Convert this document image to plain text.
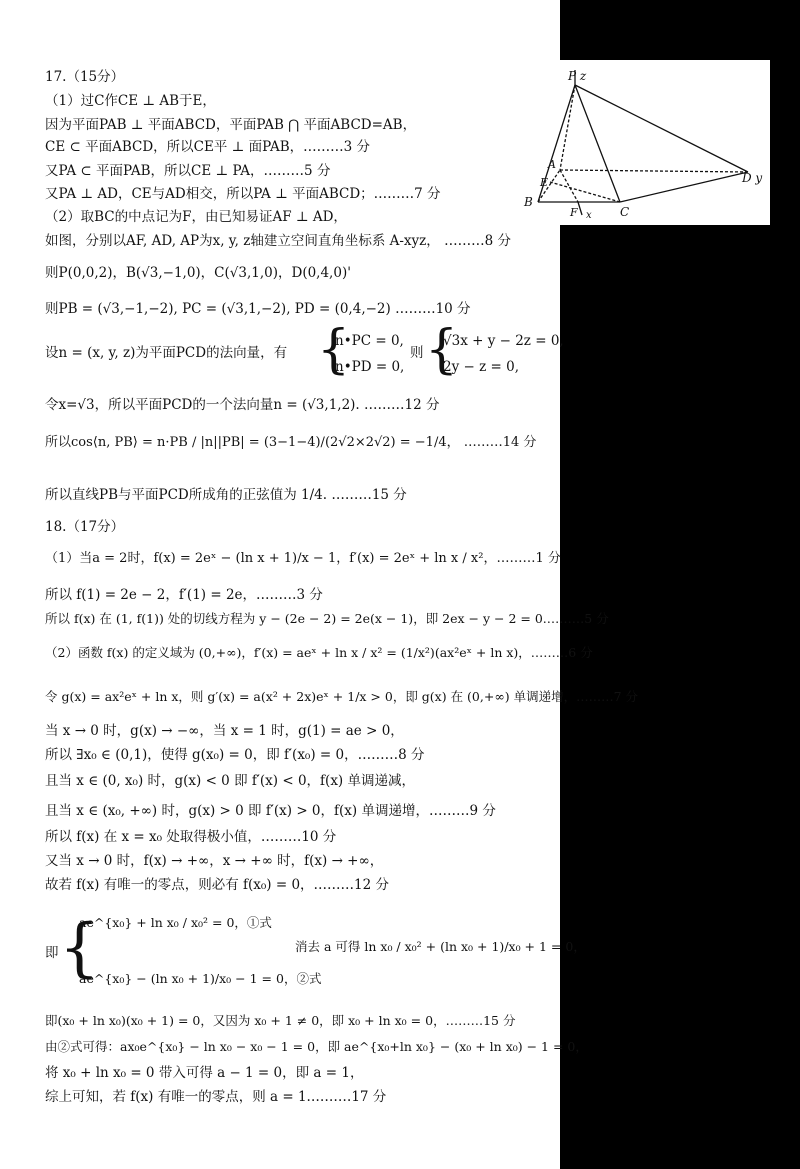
P z
A
E
B
F x C
D y
17.（15分）
（1）过C作CE ⊥ AB于E，
因为平面PAB ⊥ 平面ABCD，平面PAB ⋂ 平面ABCD=AB，
CE ⊂ 平面ABCD，所以CE平 ⊥ 面PAB，………3 分
又PA ⊂ 平面PAB，所以CE ⊥ PA，………5 分
又PA ⊥ AD，CE与AD相交，所以PA ⊥ 平面ABCD；………7 分
（2）取BC的中点记为F，由已知易证AF ⊥ AD，
如图，分别以AF, AD, AP为x, y, z轴建立空间直角坐标系 A-xyz， ………8 分
则P(0,0,2)，B(√3,−1,0)，C(√3,1,0)，D(0,4,0)'
则PB = (√3,−1,−2), PC = (√3,1,−2), PD = (0,4,−2) ………10 分
设n = (x, y, z)为平面PCD的法向量，有 {
n•PC = 0,
n•PD = 0,
则 {
√3x + y − 2z = 0,
2y − z = 0,
令x=√3，所以平面PCD的一个法向量n = (√3,1,2). ………12 分
所以cos⟨n, PB⟩ = n·PB / |n||PB| = (3−1−4)/(2√2×2√2) = −1/4， ………14 分
所以直线PB与平面PCD所成角的正弦值为 1/4. ………15 分
18.（17分）
（1）当a = 2时，f(x) = 2eˣ − (ln x + 1)/x − 1，f′(x) = 2eˣ + ln x / x²，………1 分
所以 f(1) = 2e − 2，f′(1) = 2e，………3 分
所以 f(x) 在 (1, f(1)) 处的切线方程为 y − (2e − 2) = 2e(x − 1)，即 2ex − y − 2 = 0.………5 分
（2）函数 f(x) 的定义域为 (0,+∞)，f′(x) = aeˣ + ln x / x² = (1/x²)(ax²eˣ + ln x)，………6 分
令 g(x) = ax²eˣ + ln x，则 g′(x) = a(x² + 2x)eˣ + 1/x > 0，即 g(x) 在 (0,+∞) 单调递增，………7 分
当 x → 0 时，g(x) → −∞，当 x = 1 时，g(1) = ae > 0，
所以 ∃x₀ ∈ (0,1)，使得 g(x₀) = 0，即 f′(x₀) = 0，………8 分
且当 x ∈ (0, x₀) 时，g(x) < 0 即 f′(x) < 0，f(x) 单调递减，
且当 x ∈ (x₀, +∞) 时，g(x) > 0 即 f′(x) > 0，f(x) 单调递增，………9 分
所以 f(x) 在 x = x₀ 处取得极小值，………10 分
又当 x → 0 时，f(x) → +∞，x → +∞ 时，f(x) → +∞，
故若 f(x) 有唯一的零点，则必有 f(x₀) = 0，………12 分
即 {
ae^{x₀} + ln x₀ / x₀² = 0，①式
ae^{x₀} − (ln x₀ + 1)/x₀ − 1 = 0，②式
消去 a 可得 ln x₀ / x₀² + (ln x₀ + 1)/x₀ + 1 = 0，
即(x₀ + ln x₀)(x₀ + 1) = 0，又因为 x₀ + 1 ≠ 0，即 x₀ + ln x₀ = 0，………15 分
由②式可得：ax₀e^{x₀} − ln x₀ − x₀ − 1 = 0，即 ae^{x₀+ln x₀} − (x₀ + ln x₀) − 1 = 0，
将 x₀ + ln x₀ = 0 带入可得 a − 1 = 0，即 a = 1，
综上可知，若 f(x) 有唯一的零点，则 a = 1.………17 分
